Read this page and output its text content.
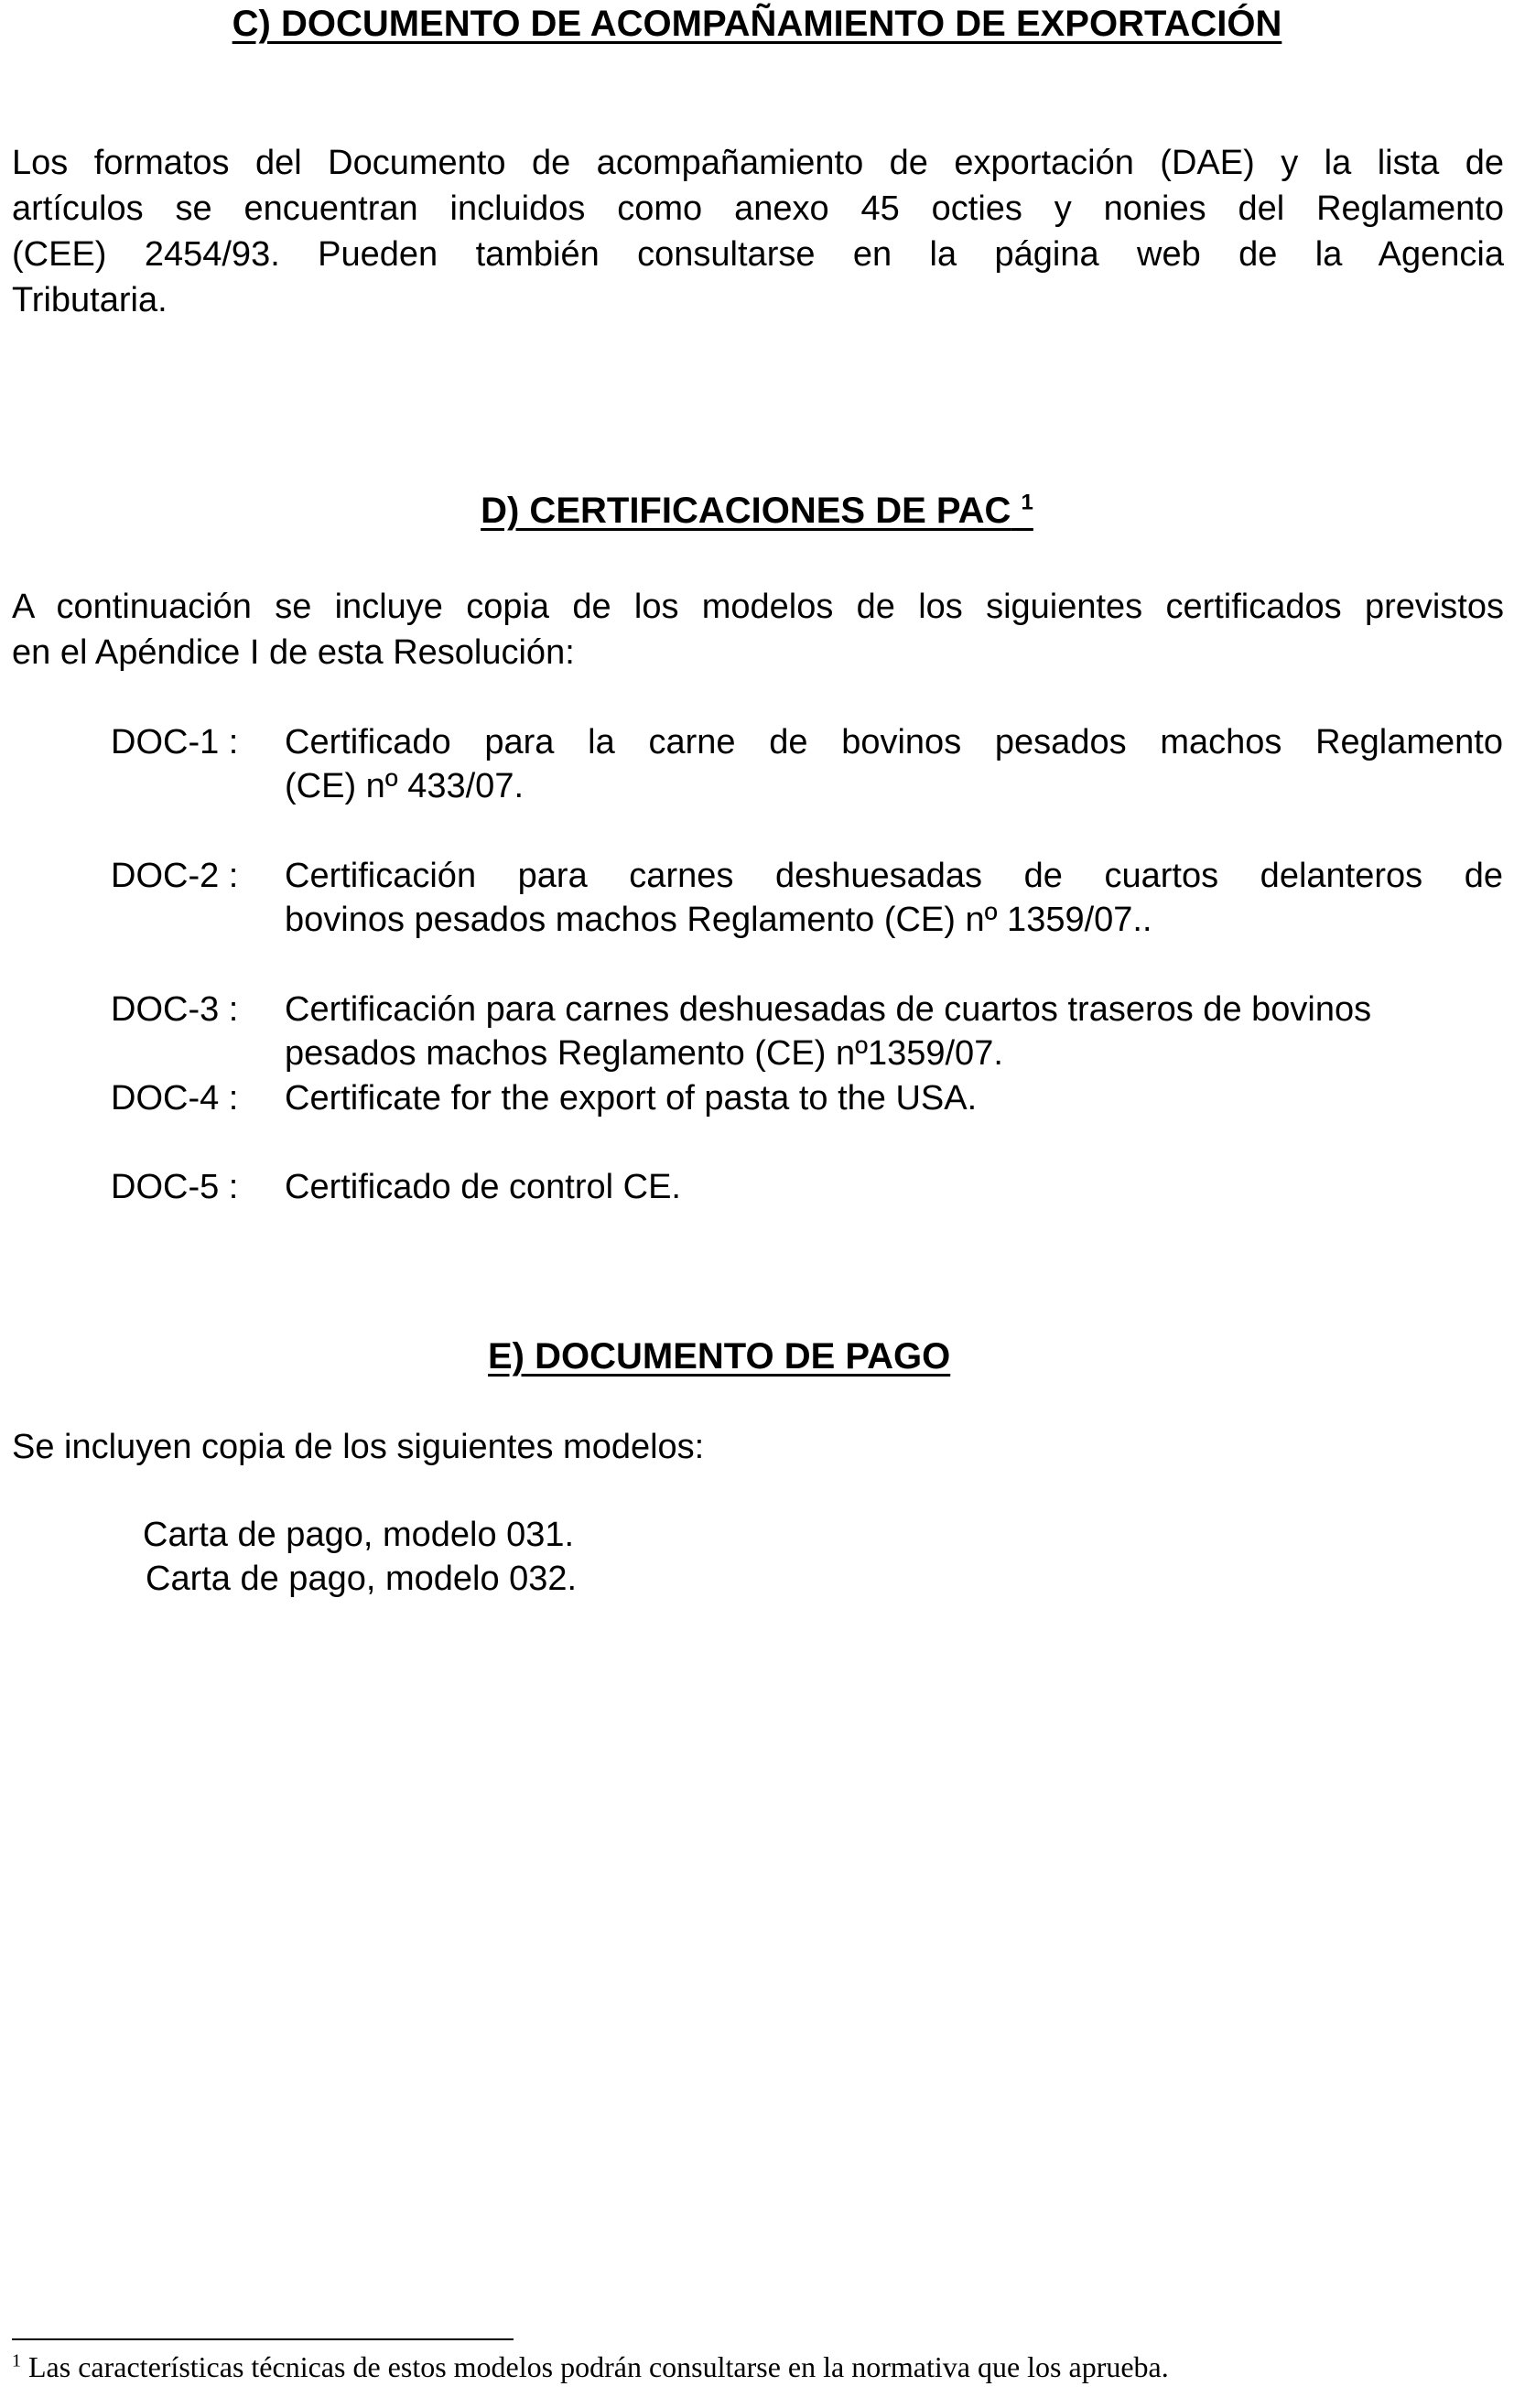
C) DOCUMENTO DE ACOMPAÑAMIENTO DE EXPORTACIÓN
Los formatos del Documento de acompañamiento de exportación (DAE) y la lista de
artículos se encuentran incluidos como anexo 45 octies y nonies del Reglamento
(CEE) 2454/93. Pueden también consultarse en la página web de la Agencia
Tributaria.
D) CERTIFICACIONES DE PAC $^1$
A continuación se incluye copia de los modelos de los siguientes certificados previstos
en el Apéndice I de esta Resolución:
DOC-1 : Certificado para la carne de bovinos pesados machos Reglamento
(CE) nº 433/07.
DOC-2 : Certificación para carnes deshuesadas de cuartos delanteros de
bovinos pesados machos Reglamento (CE) nº 1359/07..
DOC-3 : Certificación para carnes deshuesadas de cuartos traseros de bovinos
pesados machos Reglamento (CE) nº1359/07.
DOC-4 : Certificate for the export of pasta to the USA.
DOC-5 : Certificado de control CE.
E) DOCUMENTO DE PAGO
Se incluyen copia de los siguientes modelos:
Carta de pago, modelo 031.
Carta de pago, modelo 032.
$^1$ Las características técnicas de estos modelos podrán consultarse en la normativa que los aprueba.
